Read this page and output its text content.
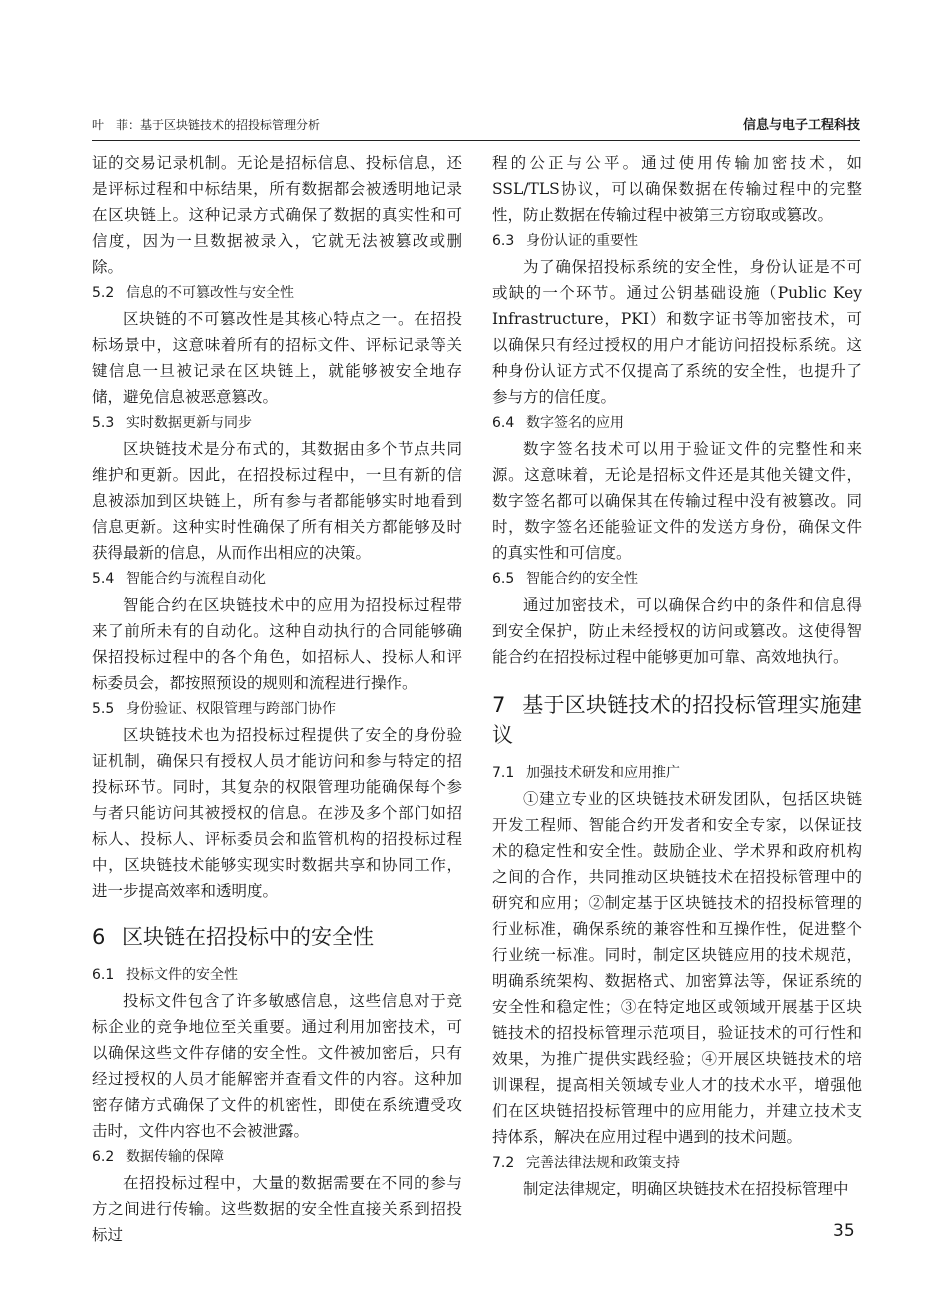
叶　菲：基于区块链技术的招投标管理分析	信息与电子工程科技

证的交易记录机制。无论是招标信息、投标信息，还是评标过程和中标结果，所有数据都会被透明地记录在区块链上。这种记录方式确保了数据的真实性和可信度，因为一旦数据被录入，它就无法被篡改或删除。

5.2 信息的不可篡改性与安全性

区块链的不可篡改性是其核心特点之一。在招投标场景中，这意味着所有的招标文件、评标记录等关键信息一旦被记录在区块链上，就能够被安全地存储，避免信息被恶意篡改。

5.3 实时数据更新与同步

区块链技术是分布式的，其数据由多个节点共同维护和更新。因此，在招投标过程中，一旦有新的信息被添加到区块链上，所有参与者都能够实时地看到信息更新。这种实时性确保了所有相关方都能够及时获得最新的信息，从而作出相应的决策。

5.4 智能合约与流程自动化

智能合约在区块链技术中的应用为招投标过程带来了前所未有的自动化。这种自动执行的合同能够确保招投标过程中的各个角色，如招标人、投标人和评标委员会，都按照预设的规则和流程进行操作。

5.5 身份验证、权限管理与跨部门协作

区块链技术也为招投标过程提供了安全的身份验证机制，确保只有授权人员才能访问和参与特定的招投标环节。同时，其复杂的权限管理功能确保每个参与者只能访问其被授权的信息。在涉及多个部门如招标人、投标人、评标委员会和监管机构的招投标过程中，区块链技术能够实现实时数据共享和协同工作，进一步提高效率和透明度。

6 区块链在招投标中的安全性
6.1 投标文件的安全性

投标文件包含了许多敏感信息，这些信息对于竞标企业的竞争地位至关重要。通过利用加密技术，可以确保这些文件存储的安全性。文件被加密后，只有经过授权的人员才能解密并查看文件的内容。这种加密存储方式确保了文件的机密性，即使在系统遭受攻击时，文件内容也不会被泄露。

6.2 数据传输的保障

在招投标过程中，大量的数据需要在不同的参与方之间进行传输。这些数据的安全性直接关系到招投标过

程的公正与公平。通过使用传输加密技术，如SSL/TLS协议，可以确保数据在传输过程中的完整性，防止数据在传输过程中被第三方窃取或篡改。

6.3 身份认证的重要性

为了确保招投标系统的安全性，身份认证是不可或缺的一个环节。通过公钥基础设施（Public Key Infrastructure，PKI）和数字证书等加密技术，可以确保只有经过授权的用户才能访问招投标系统。这种身份认证方式不仅提高了系统的安全性，也提升了参与方的信任度。

6.4 数字签名的应用

数字签名技术可以用于验证文件的完整性和来源。这意味着，无论是招标文件还是其他关键文件，数字签名都可以确保其在传输过程中没有被篡改。同时，数字签名还能验证文件的发送方身份，确保文件的真实性和可信度。

6.5 智能合约的安全性

通过加密技术，可以确保合约中的条件和信息得到安全保护，防止未经授权的访问或篡改。这使得智能合约在招投标过程中能够更加可靠、高效地执行。

7 基于区块链技术的招投标管理实施建议
7.1 加强技术研发和应用推广

①建立专业的区块链技术研发团队，包括区块链开发工程师、智能合约开发者和安全专家，以保证技术的稳定性和安全性。鼓励企业、学术界和政府机构之间的合作，共同推动区块链技术在招投标管理中的研究和应用；②制定基于区块链技术的招投标管理的行业标准，确保系统的兼容性和互操作性，促进整个行业统一标准。同时，制定区块链应用的技术规范，明确系统架构、数据格式、加密算法等，保证系统的安全性和稳定性；③在特定地区或领域开展基于区块链技术的招投标管理示范项目，验证技术的可行性和效果，为推广提供实践经验；④开展区块链技术的培训课程，提高相关领域专业人才的技术水平，增强他们在区块链招投标管理中的应用能力，并建立技术支持体系，解决在应用过程中遇到的技术问题。

7.2 完善法律法规和政策支持

制定法律规定，明确区块链技术在招投标管理中

35
